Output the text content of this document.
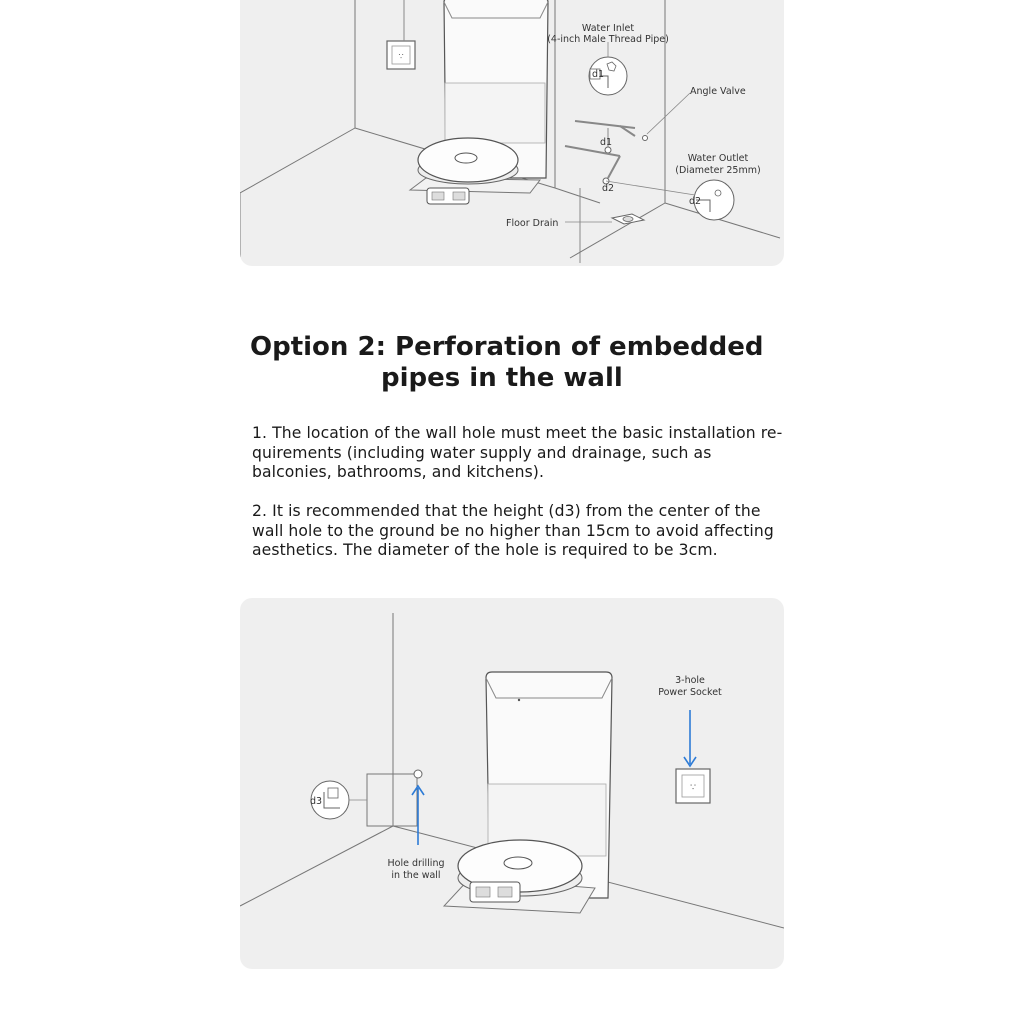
∵
d1
d2
Water Inlet
(4-inch Male Thread Pipe)
Angle Valve
Water Outlet
(Diameter 25mm)
Floor Drain
d1
d2
Option 2: Perforation of embedded
pipes in the wall

1. The location of the wall hole must meet the basic installation re-quirements (including water supply and drainage, such as balconies, bathrooms, and kitchens).

2. It is recommended that the height (d3) from the center of the wall hole to the ground be no higher than 15cm to avoid affecting aesthetics. The diameter of the hole is required to be 3cm.

d3
Hole drilling
in the wall
∵
3-hole
Power Socket
